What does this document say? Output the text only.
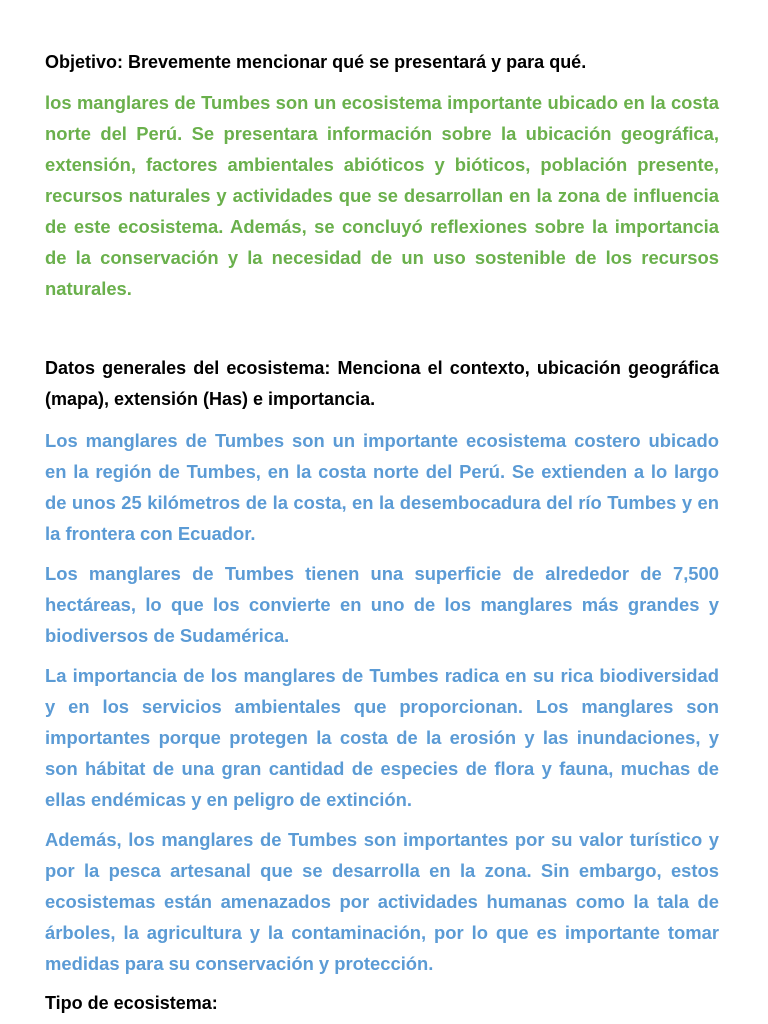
Objetivo: Brevemente mencionar qué se presentará y para qué.

los manglares de Tumbes son un ecosistema importante ubicado en la costa norte del Perú. Se presentara información sobre la ubicación geográfica, extensión, factores ambientales abióticos y bióticos, población presente, recursos naturales y actividades que se desarrollan en la zona de influencia de este ecosistema. Además, se concluyó reflexiones sobre la importancia de la conservación y la necesidad de un uso sostenible de los recursos naturales.

Datos generales del ecosistema: Menciona el contexto, ubicación geográfica (mapa), extensión (Has) e importancia.

Los manglares de Tumbes son un importante ecosistema costero ubicado en la región de Tumbes, en la costa norte del Perú. Se extienden a lo largo de unos 25 kilómetros de la costa, en la desembocadura del río Tumbes y en la frontera con Ecuador.

Los manglares de Tumbes tienen una superficie de alrededor de 7,500 hectáreas, lo que los convierte en uno de los manglares más grandes y biodiversos de Sudamérica.

La importancia de los manglares de Tumbes radica en su rica biodiversidad y en los servicios ambientales que proporcionan. Los manglares son importantes porque protegen la costa de la erosión y las inundaciones, y son hábitat de una gran cantidad de especies de flora y fauna, muchas de ellas endémicas y en peligro de extinción.

Además, los manglares de Tumbes son importantes por su valor turístico y por la pesca artesanal que se desarrolla en la zona. Sin embargo, estos ecosistemas están amenazados por actividades humanas como la tala de árboles, la agricultura y la contaminación, por lo que es importante tomar medidas para su conservación y protección.

Tipo de ecosistema:
